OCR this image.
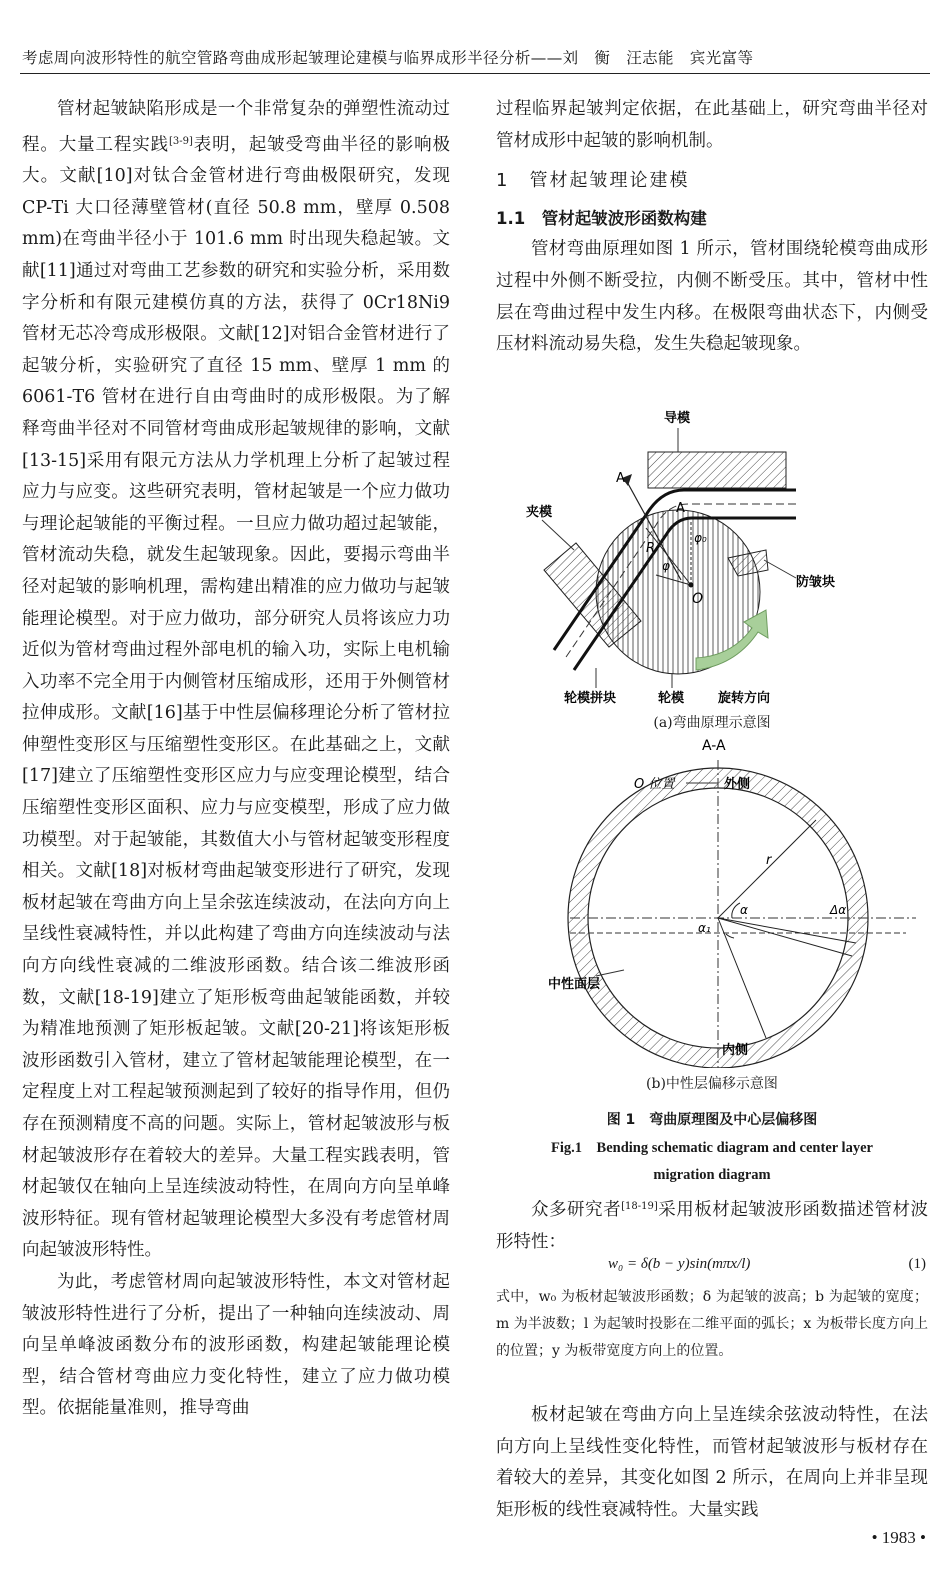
考虑周向波形特性的航空管路弯曲成形起皱理论建模与临界成形半径分析——刘　衡　汪志能　宾光富等

管材起皱缺陷形成是一个非常复杂的弹塑性流动过程。大量工程实践[3-9]表明，起皱受弯曲半径的影响极大。文献[10]对钛合金管材进行弯曲极限研究，发现 CP-Ti 大口径薄壁管材(直径 50.8 mm，壁厚 0.508 mm)在弯曲半径小于 101.6 mm 时出现失稳起皱。文献[11]通过对弯曲工艺参数的研究和实验分析，采用数字分析和有限元建模仿真的方法，获得了 0Cr18Ni9 管材无芯冷弯成形极限。文献[12]对铝合金管材进行了起皱分析，实验研究了直径 15 mm、壁厚 1 mm 的 6061-T6 管材在进行自由弯曲时的成形极限。为了解释弯曲半径对不同管材弯曲成形起皱规律的影响，文献[13-15]采用有限元方法从力学机理上分析了起皱过程应力与应变。这些研究表明，管材起皱是一个应力做功与理论起皱能的平衡过程。一旦应力做功超过起皱能，管材流动失稳，就发生起皱现象。因此，要揭示弯曲半径对起皱的影响机理，需构建出精准的应力做功与起皱能理论模型。对于应力做功，部分研究人员将该应力功近似为管材弯曲过程外部电机的输入功，实际上电机输入功率不完全用于内侧管材压缩成形，还用于外侧管材拉伸成形。文献[16]基于中性层偏移理论分析了管材拉伸塑性变形区与压缩塑性变形区。在此基础之上，文献[17]建立了压缩塑性变形区应力与应变理论模型，结合压缩塑性变形区面积、应力与应变模型，形成了应力做功模型。对于起皱能，其数值大小与管材起皱变形程度相关。文献[18]对板材弯曲起皱变形进行了研究，发现板材起皱在弯曲方向上呈余弦连续波动，在法向方向上呈线性衰减特性，并以此构建了弯曲方向连续波动与法向方向线性衰减的二维波形函数。结合该二维波形函数，文献[18-19]建立了矩形板弯曲起皱能函数，并较为精准地预测了矩形板起皱。文献[20-21]将该矩形板波形函数引入管材，建立了管材起皱能理论模型，在一定程度上对工程起皱预测起到了较好的指导作用，但仍存在预测精度不高的问题。实际上，管材起皱波形与板材起皱波形存在着较大的差异。大量工程实践表明，管材起皱仅在轴向上呈连续波动特性，在周向方向呈单峰波形特征。现有管材起皱理论模型大多没有考虑管材周向起皱波形特性。

为此，考虑管材周向起皱波形特性，本文对管材起皱波形特性进行了分析，提出了一种轴向连续波动、周向呈单峰波函数分布的波形函数，构建起皱能理论模型，结合管材弯曲应力变化特性，建立了应力做功模型。依据能量准则，推导弯曲

过程临界起皱判定依据，在此基础上，研究弯曲半径对管材成形中起皱的影响机制。

1　管材起皱理论建模
1.1　管材起皱波形函数构建

管材弯曲原理如图 1 所示，管材围绕轮模弯曲成形过程中外侧不断受拉，内侧不断受压。其中，管材中性层在弯曲过程中发生内移。在极限弯曲状态下，内侧受压材料流动易失稳，发生失稳起皱现象。

导模
夹模
防皱块
轮模拼块	轮模	旋转方向
A
A
R
φ
φ₀
O
(a)弯曲原理示意图
A-A
O 位置	外侧
r
α	Δα
α₁
中性面层
内侧
(b)中性层偏移示意图
图 1　弯曲原理图及中心层偏移图
Fig.1　Bending schematic diagram and center layer
migration diagram

众多研究者[18-19]采用板材起皱波形函数描述管材波形特性：

w₀ = δ(b − y)sin(mπx/l)	(1)
式中，w₀ 为板材起皱波形函数；δ 为起皱的波高；b 为起皱的宽度；m 为半波数；l 为起皱时投影在二维平面的弧长；x 为板带长度方向上的位置；y 为板带宽度方向上的位置。

板材起皱在弯曲方向上呈连续余弦波动特性，在法向方向上呈线性变化特性，而管材起皱波形与板材存在着较大的差异，其变化如图 2 所示，在周向上并非呈现矩形板的线性衰减特性。大量实践

• 1983 •
